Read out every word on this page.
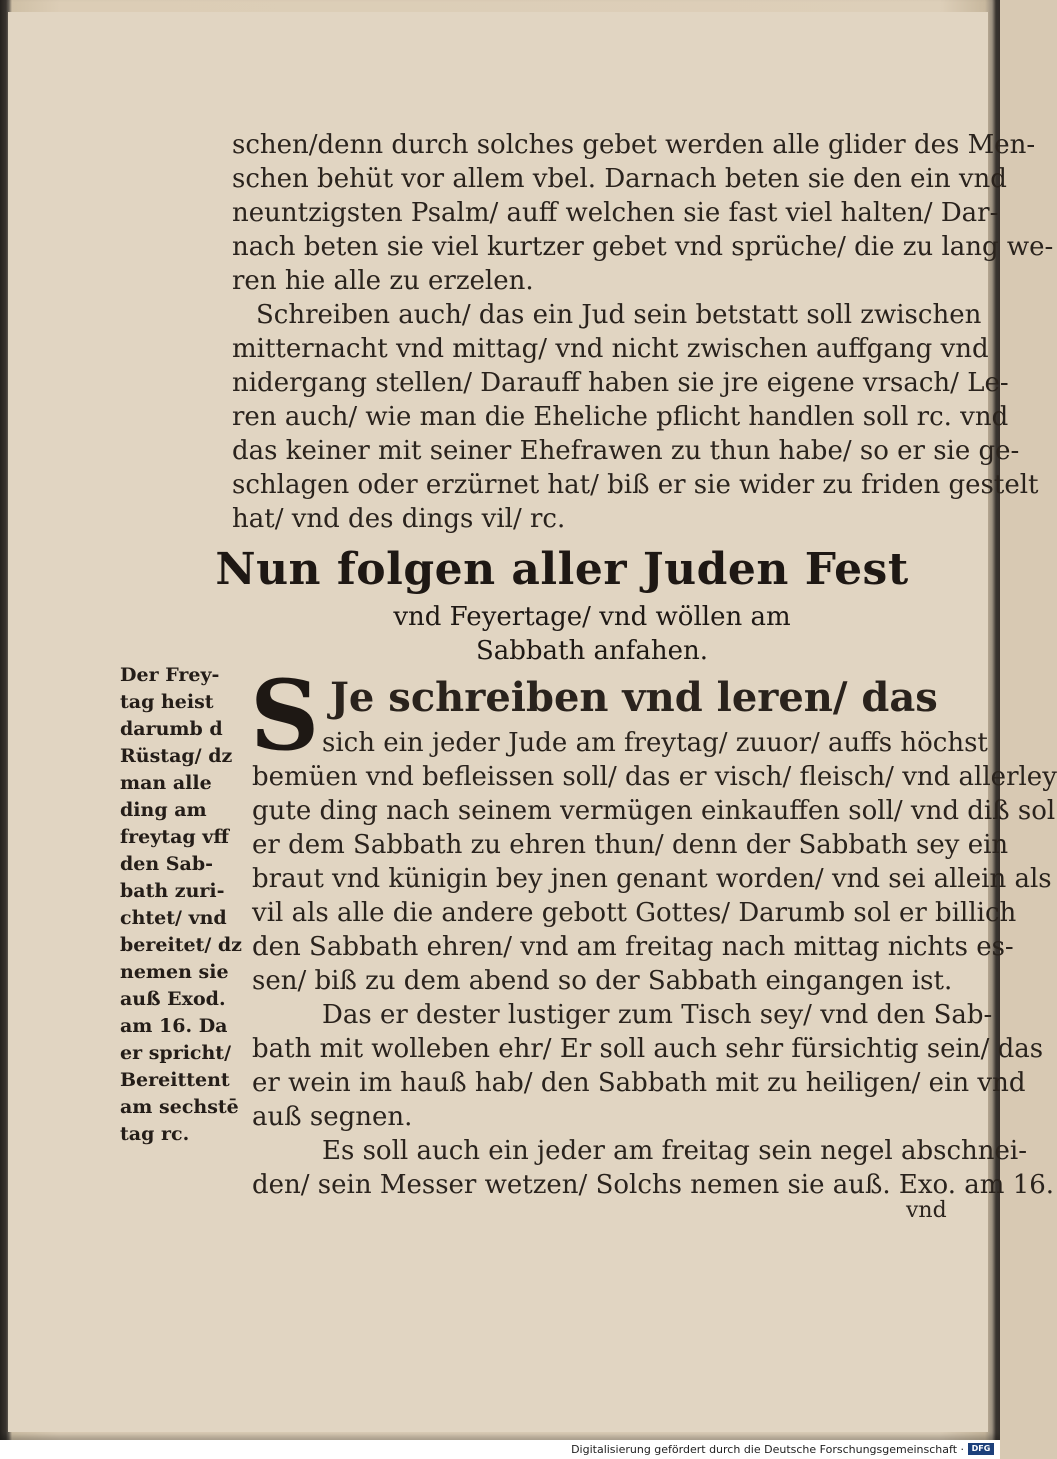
schen/denn durch solches gebet werden alle glider des Men-
schen behüt vor allem vbel. Darnach beten sie den ein vnd
neuntzigsten Psalm/ auff welchen sie fast viel halten/ Dar-
nach beten sie viel kurtzer gebet vnd sprüche/ die zu lang we-
ren hie alle zu erzelen.
Schreiben auch/ das ein Jud sein betstatt soll zwischen
mitternacht vnd mittag/ vnd nicht zwischen auffgang vnd
nidergang stellen/ Darauff haben sie jre eigene vrsach/ Le-
ren auch/ wie man die Eheliche pflicht handlen soll rc. vnd
das keiner mit seiner Ehefrawen zu thun habe/ so er sie ge-
schlagen oder erzürnet hat/ biß er sie wider zu friden gestelt
hat/ vnd des dings vil/ rc.
Nun folgen aller Juden Fest
vnd Feyertage/ vnd wöllen am
Sabbath anfahen.
Der Frey-
tag heist
darumb d
Rüstag/ dz
man alle
ding am
freytag vff
den Sab-
bath zuri-
chtet/ vnd
bereitet/ dz
nemen sie
auß Exod.
am 16. Da
er spricht/
Bereittent
am sechstē
tag rc.
S Je schreiben vnd leren/ das
sich ein jeder Jude am freytag/ zuuor/ auffs höchst
bemüen vnd befleissen soll/ das er visch/ fleisch/ vnd allerley
gute ding nach seinem vermügen einkauffen soll/ vnd diß sol
er dem Sabbath zu ehren thun/ denn der Sabbath sey ein
braut vnd künigin bey jnen genant worden/ vnd sei allein als
vil als alle die andere gebott Gottes/ Darumb sol er billich
den Sabbath ehren/ vnd am freitag nach mittag nichts es-
sen/ biß zu dem abend so der Sabbath eingangen ist.
Das er dester lustiger zum Tisch sey/ vnd den Sab-
bath mit wolleben ehr/ Er soll auch sehr fürsichtig sein/ das
er wein im hauß hab/ den Sabbath mit zu heiligen/ ein vnd
auß segnen.
Es soll auch ein jeder am freitag sein negel abschnei-
den/ sein Messer wetzen/ Solchs nemen sie auß. Exo. am 16.
vnd
Digitalisierung gefördert durch die Deutsche Forschungsgemeinschaft · DFG
